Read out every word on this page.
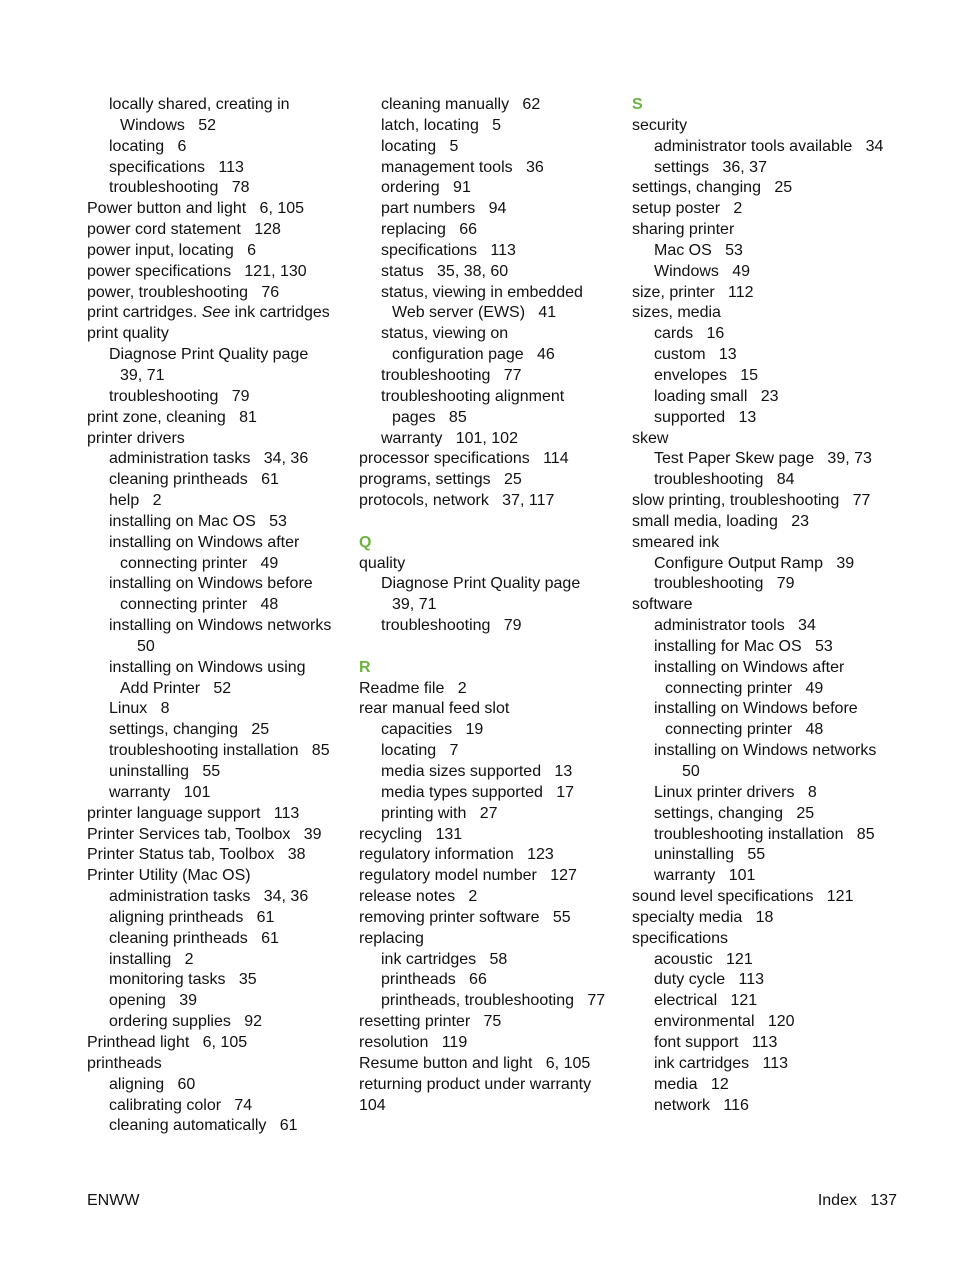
locally shared, creating in
Windows   52
locating   6
specifications   113
troubleshooting   78
Power button and light   6, 105
power cord statement   128
power input, locating   6
power specifications   121, 130
power, troubleshooting   76
print cartridges. See ink cartridges
print quality
Diagnose Print Quality page
39, 71
troubleshooting   79
print zone, cleaning   81
printer drivers
administration tasks   34, 36
cleaning printheads   61
help   2
installing on Mac OS   53
installing on Windows after
connecting printer   49
installing on Windows before
connecting printer   48
installing on Windows networks
50
installing on Windows using
Add Printer   52
Linux   8
settings, changing   25
troubleshooting installation   85
uninstalling   55
warranty   101
printer language support   113
Printer Services tab, Toolbox   39
Printer Status tab, Toolbox   38
Printer Utility (Mac OS)
administration tasks   34, 36
aligning printheads   61
cleaning printheads   61
installing   2
monitoring tasks   35
opening   39
ordering supplies   92
Printhead light   6, 105
printheads
aligning   60
calibrating color   74
cleaning automatically   61
cleaning manually   62
latch, locating   5
locating   5
management tools   36
ordering   91
part numbers   94
replacing   66
specifications   113
status   35, 38, 60
status, viewing in embedded
Web server (EWS)   41
status, viewing on
configuration page   46
troubleshooting   77
troubleshooting alignment
pages   85
warranty   101, 102
processor specifications   114
programs, settings   25
protocols, network   37, 117
Q
quality
Diagnose Print Quality page
39, 71
troubleshooting   79
R
Readme file   2
rear manual feed slot
capacities   19
locating   7
media sizes supported   13
media types supported   17
printing with   27
recycling   131
regulatory information   123
regulatory model number   127
release notes   2
removing printer software   55
replacing
ink cartridges   58
printheads   66
printheads, troubleshooting   77
resetting printer   75
resolution   119
Resume button and light   6, 105
returning product under warranty
104
S
security
administrator tools available   34
settings   36, 37
settings, changing   25
setup poster   2
sharing printer
Mac OS   53
Windows   49
size, printer   112
sizes, media
cards   16
custom   13
envelopes   15
loading small   23
supported   13
skew
Test Paper Skew page   39, 73
troubleshooting   84
slow printing, troubleshooting   77
small media, loading   23
smeared ink
Configure Output Ramp   39
troubleshooting   79
software
administrator tools   34
installing for Mac OS   53
installing on Windows after
connecting printer   49
installing on Windows before
connecting printer   48
installing on Windows networks
50
Linux printer drivers   8
settings, changing   25
troubleshooting installation   85
uninstalling   55
warranty   101
sound level specifications   121
specialty media   18
specifications
acoustic   121
duty cycle   113
electrical   121
environmental   120
font support   113
ink cartridges   113
media   12
network   116
ENWW	Index   137
